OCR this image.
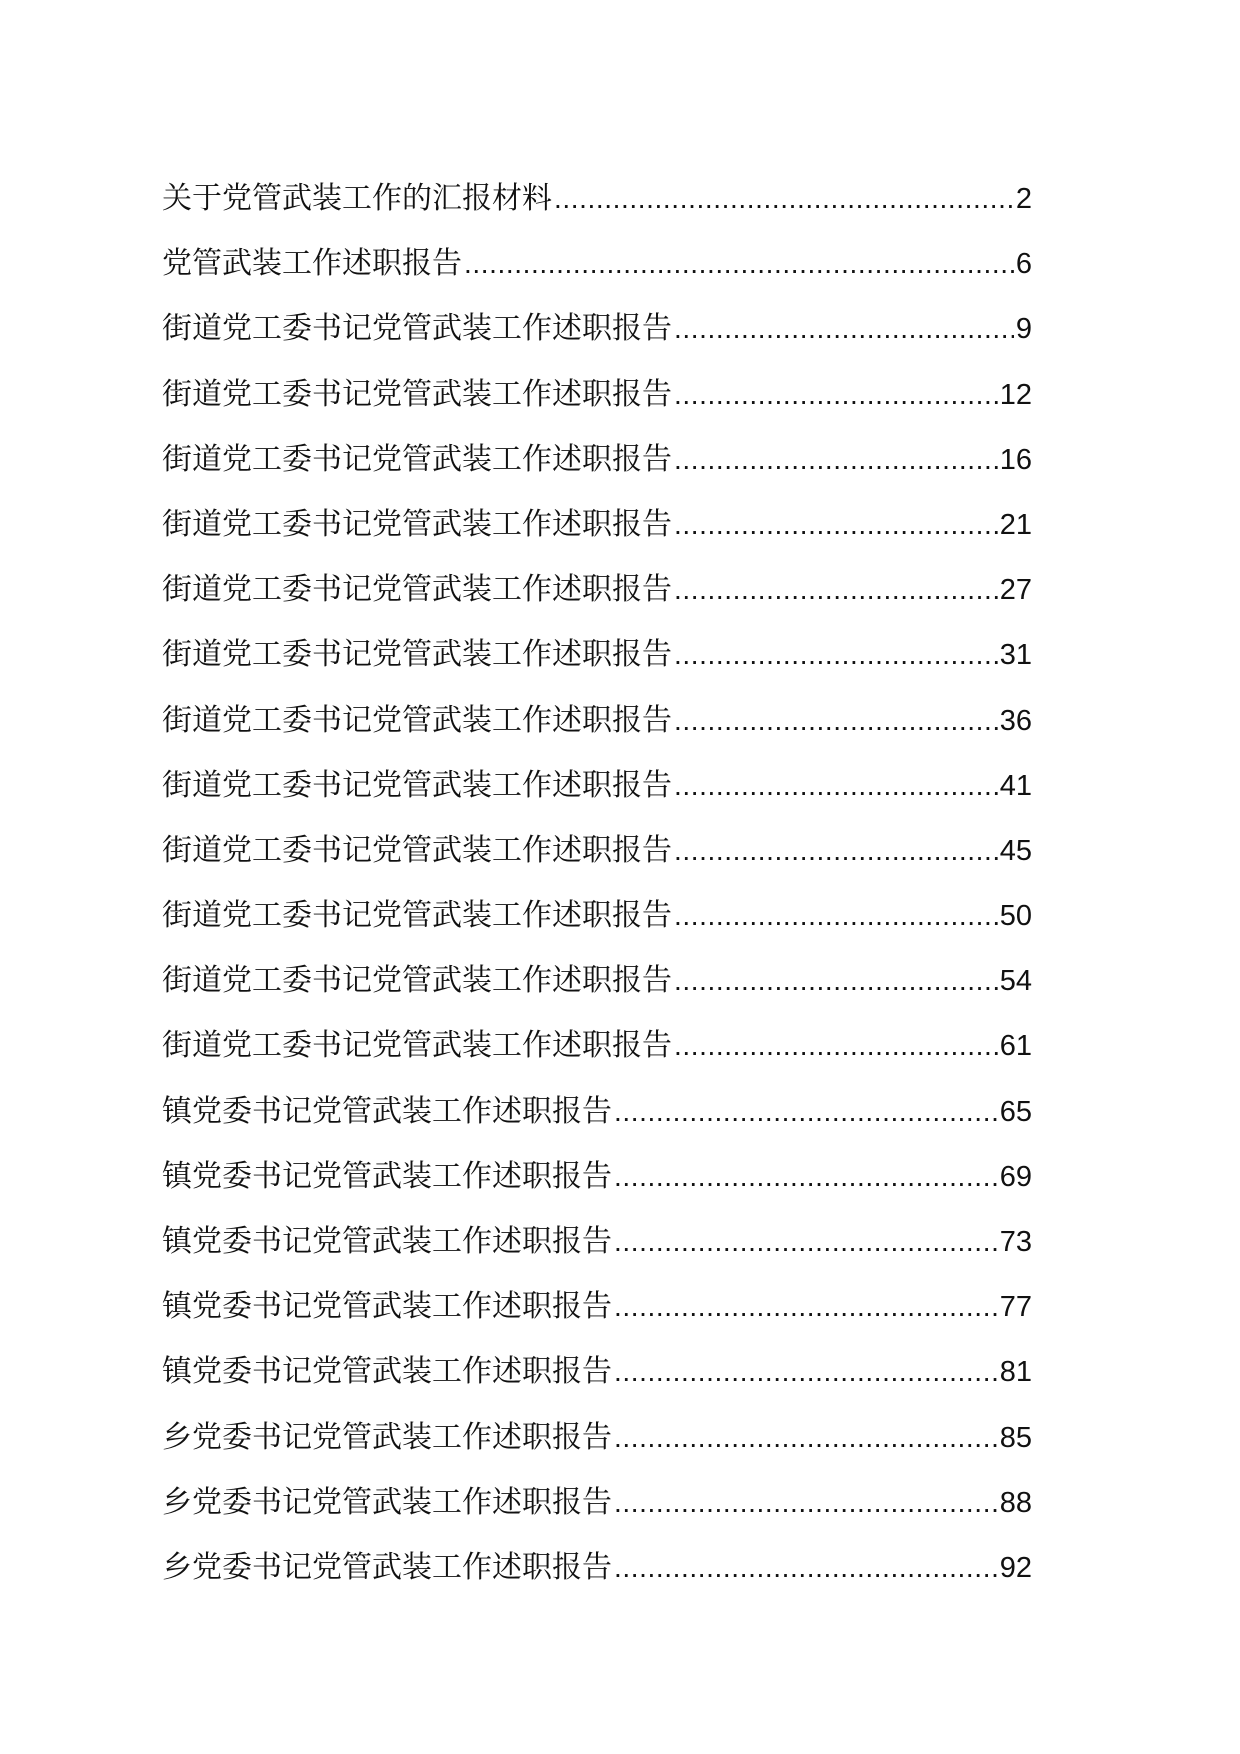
关于党管武装工作的汇报材料 .....	2
党管武装工作述职报告 .....	6
街道党工委书记党管武装工作述职报告 .....	9
街道党工委书记党管武装工作述职报告 .....	12
街道党工委书记党管武装工作述职报告 .....	16
街道党工委书记党管武装工作述职报告 .....	21
街道党工委书记党管武装工作述职报告 .....	27
街道党工委书记党管武装工作述职报告 .....	31
街道党工委书记党管武装工作述职报告 .....	36
街道党工委书记党管武装工作述职报告 .....	41
街道党工委书记党管武装工作述职报告 .....	45
街道党工委书记党管武装工作述职报告 .....	50
街道党工委书记党管武装工作述职报告 .....	54
街道党工委书记党管武装工作述职报告 .....	61
镇党委书记党管武装工作述职报告 .....	65
镇党委书记党管武装工作述职报告 .....	69
镇党委书记党管武装工作述职报告 .....	73
镇党委书记党管武装工作述职报告 .....	77
镇党委书记党管武装工作述职报告 .....	81
乡党委书记党管武装工作述职报告 .....	85
乡党委书记党管武装工作述职报告 .....	88
乡党委书记党管武装工作述职报告 .....	92
